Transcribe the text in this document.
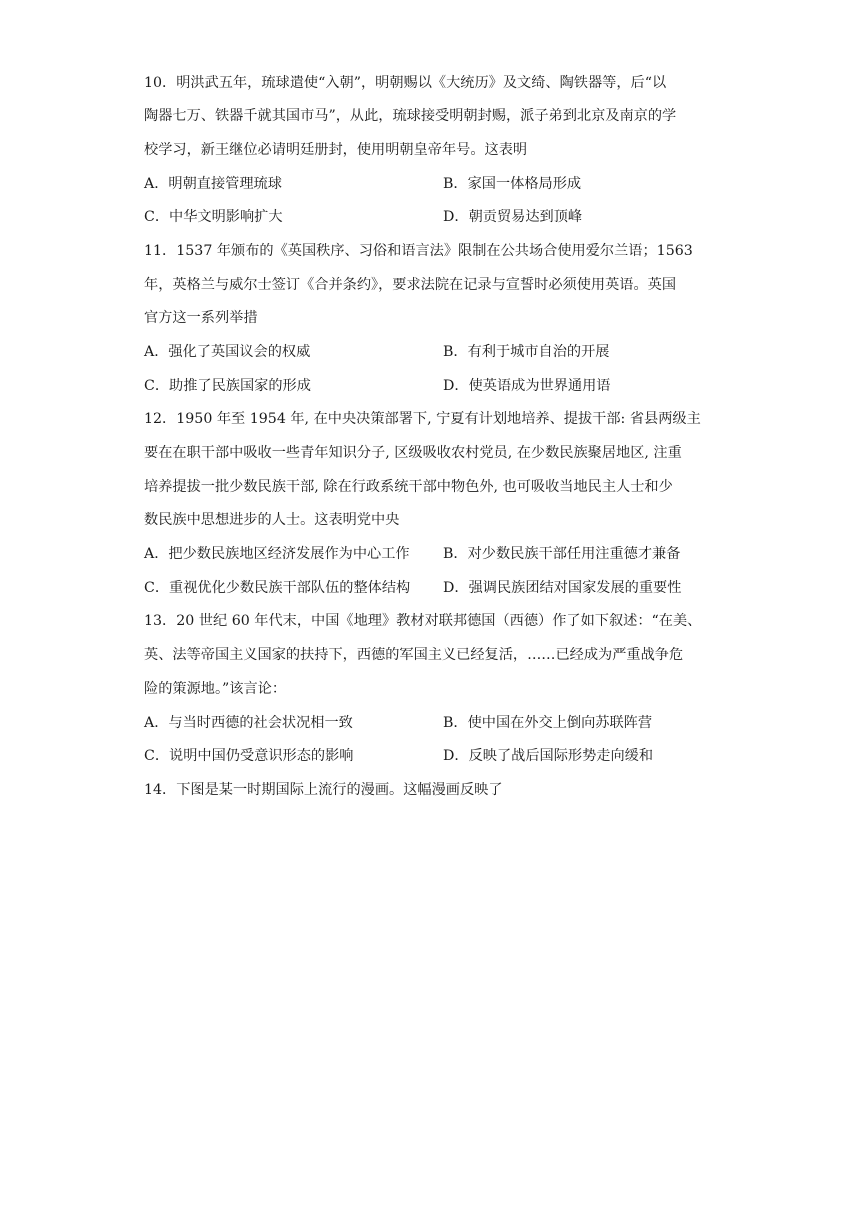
10．明洪武五年，琉球遣使“入朝”，明朝赐以《大统历》及文绮、陶铁器等，后“以
陶器七万、铁器千就其国市马”，从此，琉球接受明朝封赐，派子弟到北京及南京的学
校学习，新王继位必请明廷册封，使用明朝皇帝年号。这表明
A．明朝直接管理琉球	B．家国一体格局形成
C．中华文明影响扩大	D．朝贡贸易达到顶峰
11．1537 年颁布的《英国秩序、习俗和语言法》限制在公共场合使用爱尔兰语；1563
年，英格兰与威尔士签订《合并条约》，要求法院在记录与宣誓时必须使用英语。英国
官方这一系列举措
A．强化了英国议会的权威	B．有利于城市自治的开展
C．助推了民族国家的形成	D．使英语成为世界通用语
12．1950 年至 1954 年, 在中央决策部署下, 宁夏有计划地培养、提拔干部: 省县两级主
要在在职干部中吸收一些青年知识分子, 区级吸收农村党员, 在少数民族聚居地区, 注重
培养提拔一批少数民族干部, 除在行政系统干部中物色外, 也可吸收当地民主人士和少
数民族中思想进步的人士。这表明党中央
A．把少数民族地区经济发展作为中心工作 B．对少数民族干部任用注重德才兼备
C．重视优化少数民族干部队伍的整体结构 D．强调民族团结对国家发展的重要性
13．20 世纪 60 年代末，中国《地理》教材对联邦德国（西德）作了如下叙述：“在美、
英、法等帝国主义国家的扶持下，西德的军国主义已经复活，……已经成为严重战争危
险的策源地。”该言论：
A．与当时西德的社会状况相一致	B．使中国在外交上倒向苏联阵营
C．说明中国仍受意识形态的影响	D．反映了战后国际形势走向缓和
14．下图是某一时期国际上流行的漫画。这幅漫画反映了
